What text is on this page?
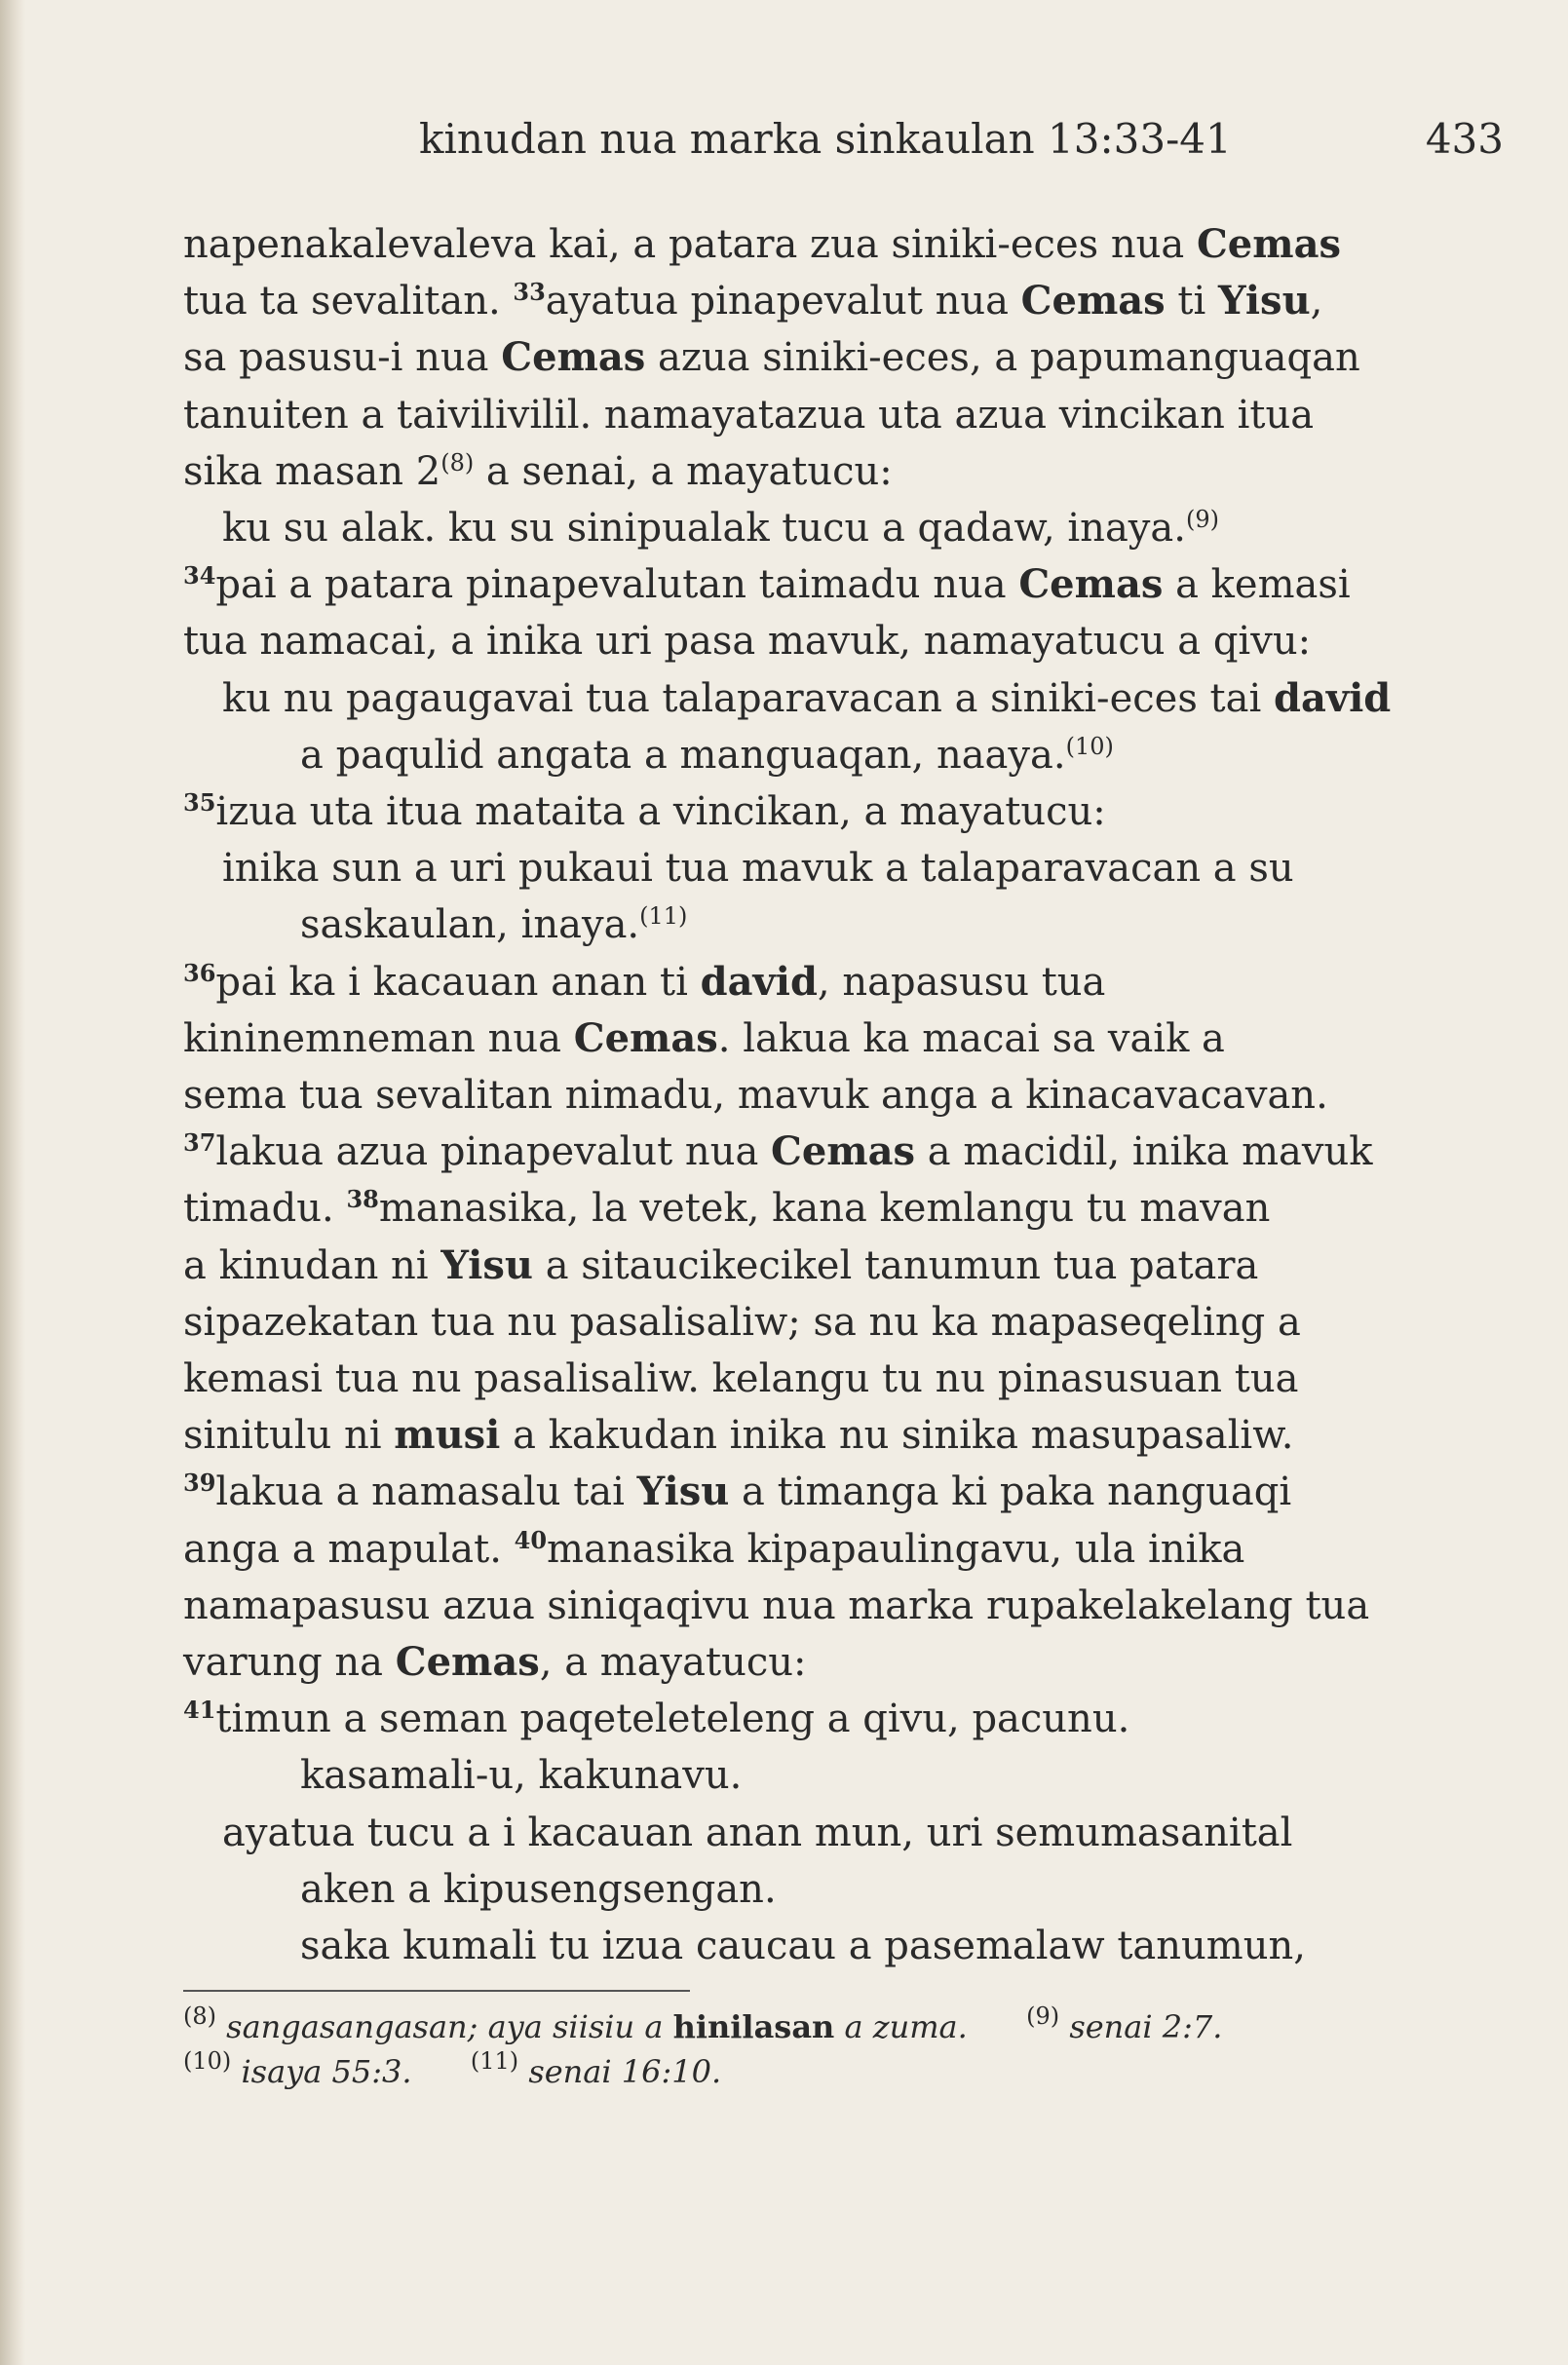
kinudan nua marka sinkaulan 13:33-41	433

napenakalevaleva kai, a patara zua siniki-eces nua Cemas

tua ta sevalitan. $^{33}$ayatua pinapevalut nua Cemas ti Yisu,

sa pasusu-i nua Cemas azua siniki-eces, a papumanguaqan

tanuiten a taivilivilil. namayatazua uta azua vincikan itua

sika masan 2$^{(8)}$ a senai, a mayatucu:

ku su alak. ku su sinipualak tucu a qadaw, inaya.$^{(9)}$

$^{34}$pai a patara pinapevalutan taimadu nua Cemas a kemasi

tua namacai, a inika uri pasa mavuk, namayatucu a qivu:

ku nu pagaugavai tua talaparavacan a siniki-eces tai david

a paqulid angata a manguaqan, naaya.$^{(10)}$

$^{35}$izua uta itua mataita a vincikan, a mayatucu:

inika sun a uri pukaui tua mavuk a talaparavacan a su

saskaulan, inaya.$^{(11)}$

$^{36}$pai ka i kacauan anan ti david, napasusu tua

kininemneman nua Cemas. lakua ka macai sa vaik a

sema tua sevalitan nimadu, mavuk anga a kinacavacavan.

$^{37}$lakua azua pinapevalut nua Cemas a macidil, inika mavuk

timadu. $^{38}$manasika, la vetek, kana kemlangu tu mavan

a kinudan ni Yisu a sitaucikecikel tanumun tua patara

sipazekatan tua nu pasalisaliw; sa nu ka mapaseqeling a

kemasi tua nu pasalisaliw. kelangu tu nu pinasusuan tua

sinitulu ni musi a kakudan inika nu sinika masupasaliw.

$^{39}$lakua a namasalu tai Yisu a timanga ki paka nanguaqi

anga a mapulat. $^{40}$manasika kipapaulingavu, ula inika

namapasusu azua siniqaqivu nua marka rupakelakelang tua

varung na Cemas, a mayatucu:

$^{41}$timun a seman paqeteleteleng a qivu, pacunu.

kasamali-u, kakunavu.

ayatua tucu a i kacauan anan mun, uri semumasanital

aken a kipusengsengan.

saka kumali tu izua caucau a pasemalaw tanumun,

$^{(8)}$ sangasangasan; aya siisiu a hinilasan a zuma.	$^{(9)}$ senai 2:7.
$^{(10)}$ isaya 55:3.	$^{(11)}$ senai 16:10.
